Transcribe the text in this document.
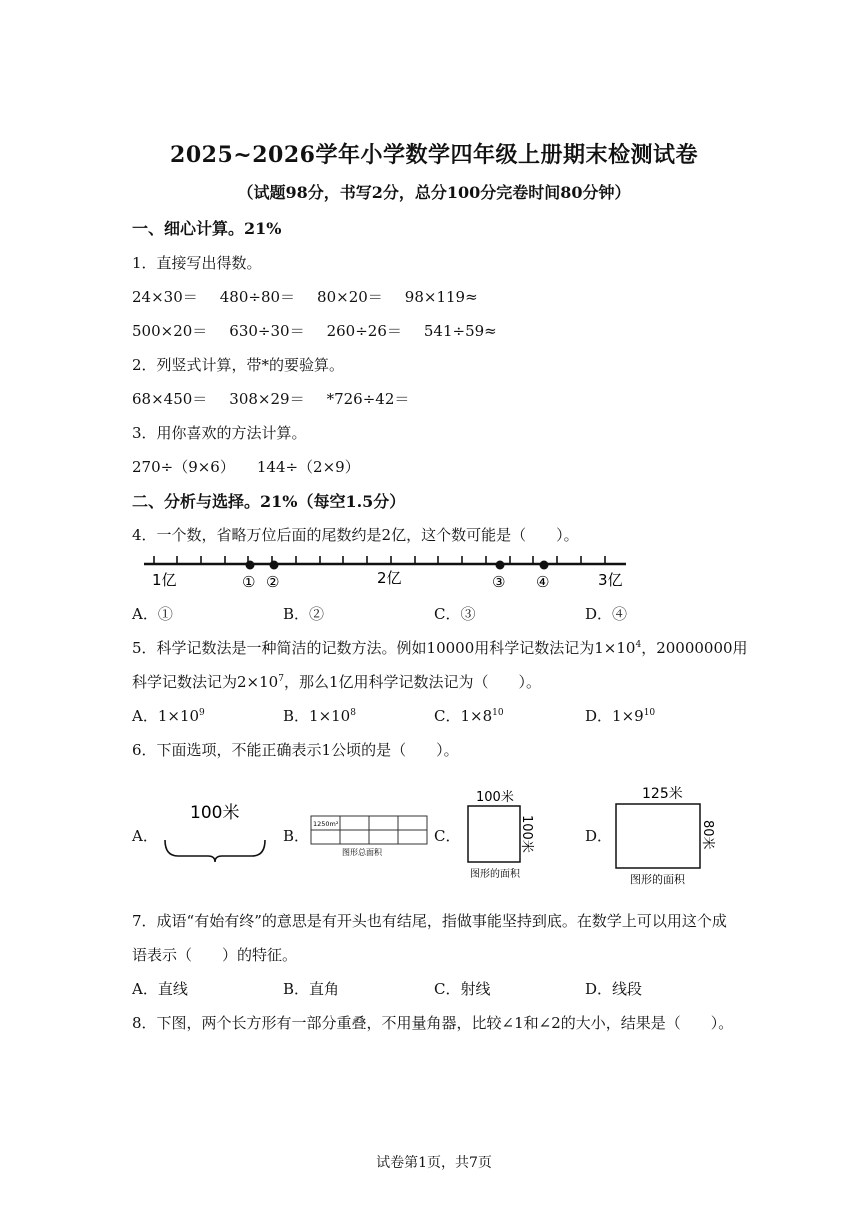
2025~2026学年小学数学四年级上册期末检测试卷
（试题98分，书写2分，总分100分完卷时间80分钟）
一、细心计算。21%
1．直接写出得数。
24×30＝ 480÷80＝ 80×20＝ 98×119≈
500×20＝ 630÷30＝ 260÷26＝ 541÷59≈
2．列竖式计算，带*的要验算。
68×450＝ 308×29＝ *726÷42＝
3．用你喜欢的方法计算。
270÷（9×6） 144÷（2×9）
二、分析与选择。21%（每空1.5分）
4．一个数，省略万位后面的尾数约是2亿，这个数可能是（　　）。
1亿	2亿	3亿
① ②	③ ④
A．①	B．②	C．③	D．④
5．科学记数法是一种简洁的记数方法。例如10000用科学记数法记为$1\times 10^4$，20000000用
科学记数法记为$2\times 10^7$，那么1亿用科学记数法记为（　　）。
A．$1\times 10^9$	B．$1\times 10^8$	C．$1\times 8^{10}$	D．$1\times 9^{10}$
6．下面选项，不能正确表示1公顷的是（　　）。
A．
100米
B．
1250m²
图形总面积
C．
100米
100米
图形的面积
D．
125米
80米
图形的面积
7．成语“有始有终”的意思是有开头也有结尾，指做事能坚持到底。在数学上可以用这个成
语表示（　　）的特征。
A．直线	B．直角	C．射线	D．线段
8．下图，两个长方形有一部分重叠，不用量角器，比较∠1和∠2的大小，结果是（　　）。
试卷第1页，共7页
